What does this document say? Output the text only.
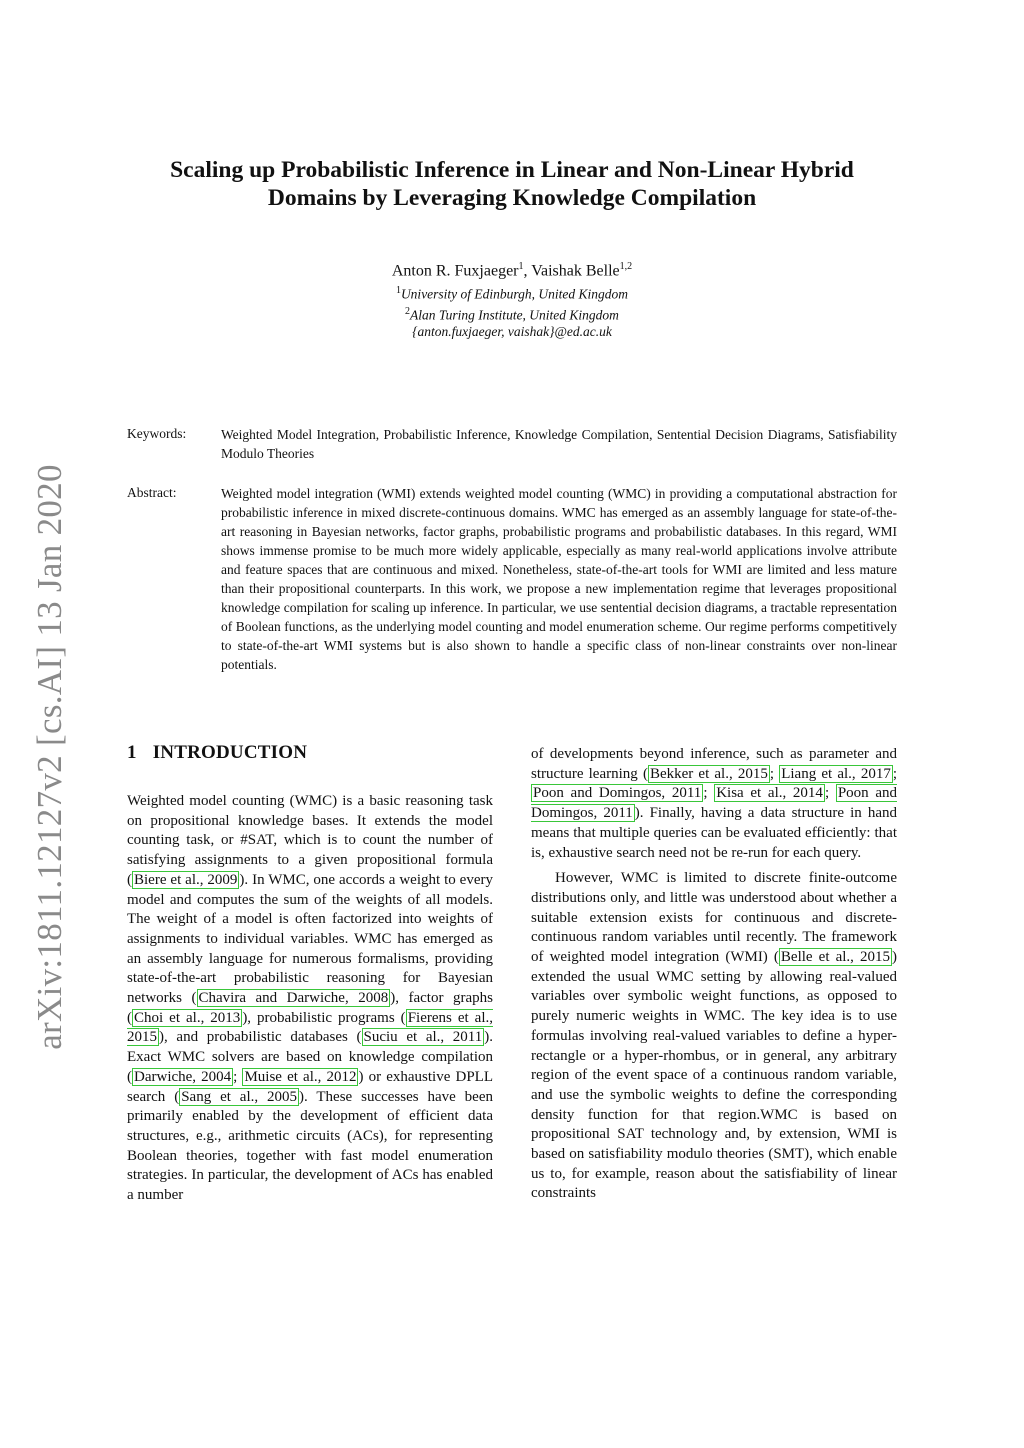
arXiv:1811.12127v2 [cs.AI] 13 Jan 2020
Scaling up Probabilistic Inference in Linear and Non-Linear Hybrid
Domains by Leveraging Knowledge Compilation
Anton R. Fuxjaeger$^1$, Vaishak Belle$^{1,2}$
$^1$University of Edinburgh, United Kingdom
$^2$Alan Turing Institute, United Kingdom
{anton.fuxjaeger, vaishak}@ed.ac.uk
Keywords:	Weighted Model Integration, Probabilistic Inference, Knowledge Compilation, Sentential Decision Diagrams, Satisfiability Modulo Theories
Abstract:	Weighted model integration (WMI) extends weighted model counting (WMC) in providing a computational abstraction for probabilistic inference in mixed discrete-continuous domains. WMC has emerged as an assembly language for state-of-the-art reasoning in Bayesian networks, factor graphs, probabilistic programs and probabilistic databases. In this regard, WMI shows immense promise to be much more widely applicable, especially as many real-world applications involve attribute and feature spaces that are continuous and mixed. Nonetheless, state-of-the-art tools for WMI are limited and less mature than their propositional counterparts. In this work, we propose a new implementation regime that leverages propositional knowledge compilation for scaling up inference. In particular, we use sentential decision diagrams, a tractable representation of Boolean functions, as the underlying model counting and model enumeration scheme. Our regime performs competitively to state-of-the-art WMI systems but is also shown to handle a specific class of non-linear constraints over non-linear potentials.
1 INTRODUCTION

Weighted model counting (WMC) is a basic reasoning task on propositional knowledge bases. It extends the model counting task, or #SAT, which is to count the number of satisfying assignments to a given propositional formula ( Biere et al., 2009 ). In WMC, one accords a weight to every model and computes the sum of the weights of all models. The weight of a model is often factorized into weights of assignments to individual variables. WMC has emerged as an assembly language for numerous formalisms, providing state-of-the-art probabilistic reasoning for Bayesian networks ( Chavira and Darwiche, 2008 ), factor graphs ( Choi et al., 2013 ), probabilistic programs ( Fierens et al., 2015 ), and probabilistic databases ( Suciu et al., 2011 ). Exact WMC solvers are based on knowledge compilation ( Darwiche, 2004 ; Muise et al., 2012 ) or exhaustive DPLL search ( Sang et al., 2005 ). These successes have been primarily enabled by the development of efficient data structures, e.g., arithmetic circuits (ACs), for representing Boolean theories, together with fast model enumeration strategies. In particular, the development of ACs has enabled a number

of developments beyond inference, such as parameter and structure learning ( Bekker et al., 2015 ; Liang et al., 2017 ; Poon and Domingos, 2011 ; Kisa et al., 2014 ; Poon and Domingos, 2011 ). Finally, having a data structure in hand means that multiple queries can be evaluated efficiently: that is, exhaustive search need not be re-run for each query.

However, WMC is limited to discrete finite-outcome distributions only, and little was understood about whether a suitable extension exists for continuous and discrete-continuous random variables until recently. The framework of weighted model integration (WMI) ( Belle et al., 2015 ) extended the usual WMC setting by allowing real-valued variables over symbolic weight functions, as opposed to purely numeric weights in WMC. The key idea is to use formulas involving real-valued variables to define a hyper-rectangle or a hyper-rhombus, or in general, any arbitrary region of the event space of a continuous random variable, and use the symbolic weights to define the corresponding density function for that region.WMC is based on propositional SAT technology and, by extension, WMI is based on satisfiability modulo theories (SMT), which enable us to, for example, reason about the satisfiability of linear constraints
